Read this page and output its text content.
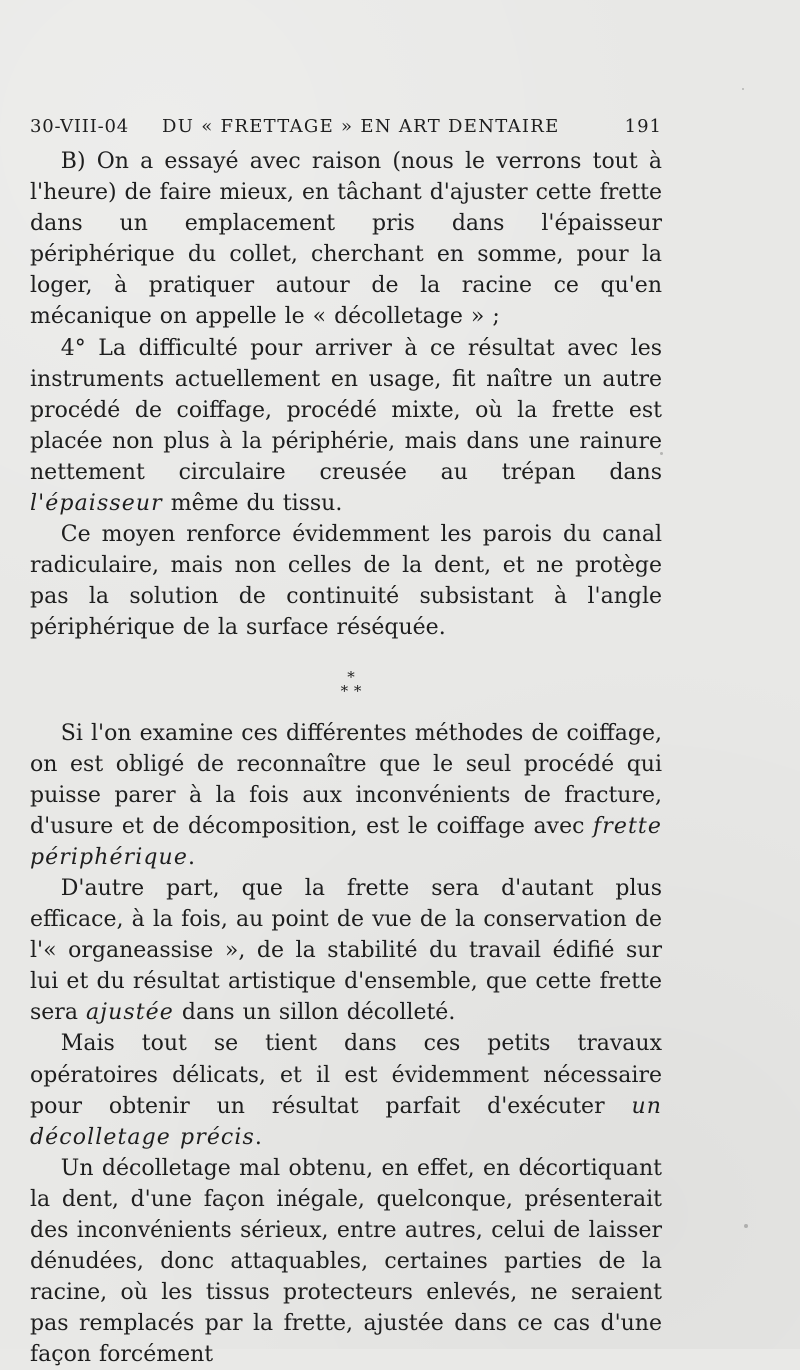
30-VIII-04 DU « FRETTAGE » EN ART DENTAIRE	191

B) On a essayé avec raison (nous le verrons tout à l'heure) de faire mieux, en tâchant d'ajuster cette frette dans un emplacement pris dans l'épaisseur périphérique du collet, cherchant en somme, pour la loger, à pratiquer autour de la racine ce qu'en mécanique on appelle le « décolletage » ;

4° La difficulté pour arriver à ce résultat avec les instruments actuellement en usage, fit naître un autre procédé de coiffage, procédé mixte, où la frette est placée non plus à la périphérie, mais dans une rainure nettement circulaire creusée au trépan dans l'épaisseur même du tissu.

Ce moyen renforce évidemment les parois du canal radiculaire, mais non celles de la dent, et ne protège pas la solution de continuité subsistant à l'angle périphérique de la surface réséquée.

*
* *

Si l'on examine ces différentes méthodes de coiffage, on est obligé de reconnaître que le seul procédé qui puisse parer à la fois aux inconvénients de fracture, d'usure et de décomposition, est le coiffage avec frette périphérique.

D'autre part, que la frette sera d'autant plus efficace, à la fois, au point de vue de la conservation de l'« organeassise », de la stabilité du travail édifié sur lui et du résultat artistique d'ensemble, que cette frette sera ajustée dans un sillon décolleté.

Mais tout se tient dans ces petits travaux opératoires délicats, et il est évidemment nécessaire pour obtenir un résultat parfait d'exécuter un décolletage précis.

Un décolletage mal obtenu, en effet, en décortiquant la dent, d'une façon inégale, quelconque, présenterait des inconvénients sérieux, entre autres, celui de laisser dénudées, donc attaquables, certaines parties de la racine, où les tissus protecteurs enlevés, ne seraient pas remplacés par la frette, ajustée dans ce cas d'une façon forcément
